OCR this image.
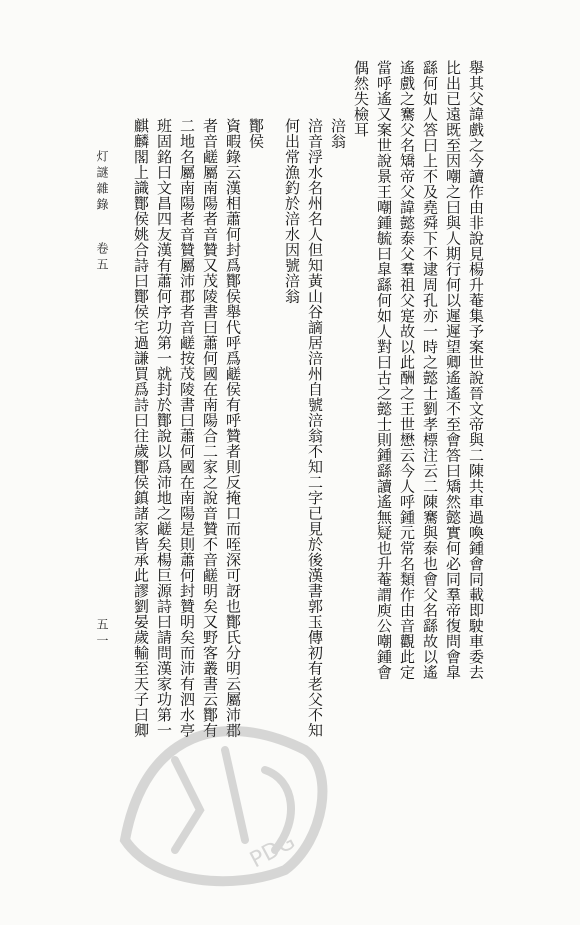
灯謎雜錄
卷五
五一	舉其父諱戲之今讀作由非說見楊升菴集予案世說晉文帝與二陳共車過喚鍾會同載即駛車委去
比出已遠既至因嘲之曰與人期行何以遲遲望卿遙遙不至會答曰矯然懿實何必同羣帝復問會皐
繇何如人答曰上不及堯舜下不逮周孔亦一時之懿士劉孝標注云二陳騫與泰也會父名繇故以遙
遙戲之騫父名矯帝父諱懿泰父羣祖父寔故以此酬之王世懋云今人呼鍾元常名類作由音觀此定
當呼遙又案世說景王嘲鍾毓曰皐繇何如人對曰古之懿士則鍾繇讀遙無疑也升菴謂庾公嘲鍾會
偶然失檢耳
涪翁
涪音浮水名州名人但知黃山谷謫居涪州自號涪翁不知二字已見於後漢書郭玉傳初有老父不知
何出常漁釣於涪水因號涪翁
酇侯
資暇錄云漢相蕭何封爲酇侯舉代呼爲鹺侯有呼贊者則反掩口而咥深可訝也酇氏分明云屬沛郡
者音鹺屬南陽者音贊又茂陵書曰蕭何國在南陽合二家之說音贊不音鹺明矣又野客叢書云酇有
二地名屬南陽者音贊屬沛郡者音鹺按茂陵書曰蕭何國在南陽是則蕭何封贊明矣而沛有泗水亭
班固銘曰文昌四友漢有蕭何序功第一就封於酇說以爲沛地之鹺矣楊巨源詩曰請問漢家功第一
麒麟閣上識酇侯姚合詩曰酇侯宅過謙買爲詩曰往歲酇侯鎮諸家皆承此謬劉晏歲輸至天子曰卿
PDG
